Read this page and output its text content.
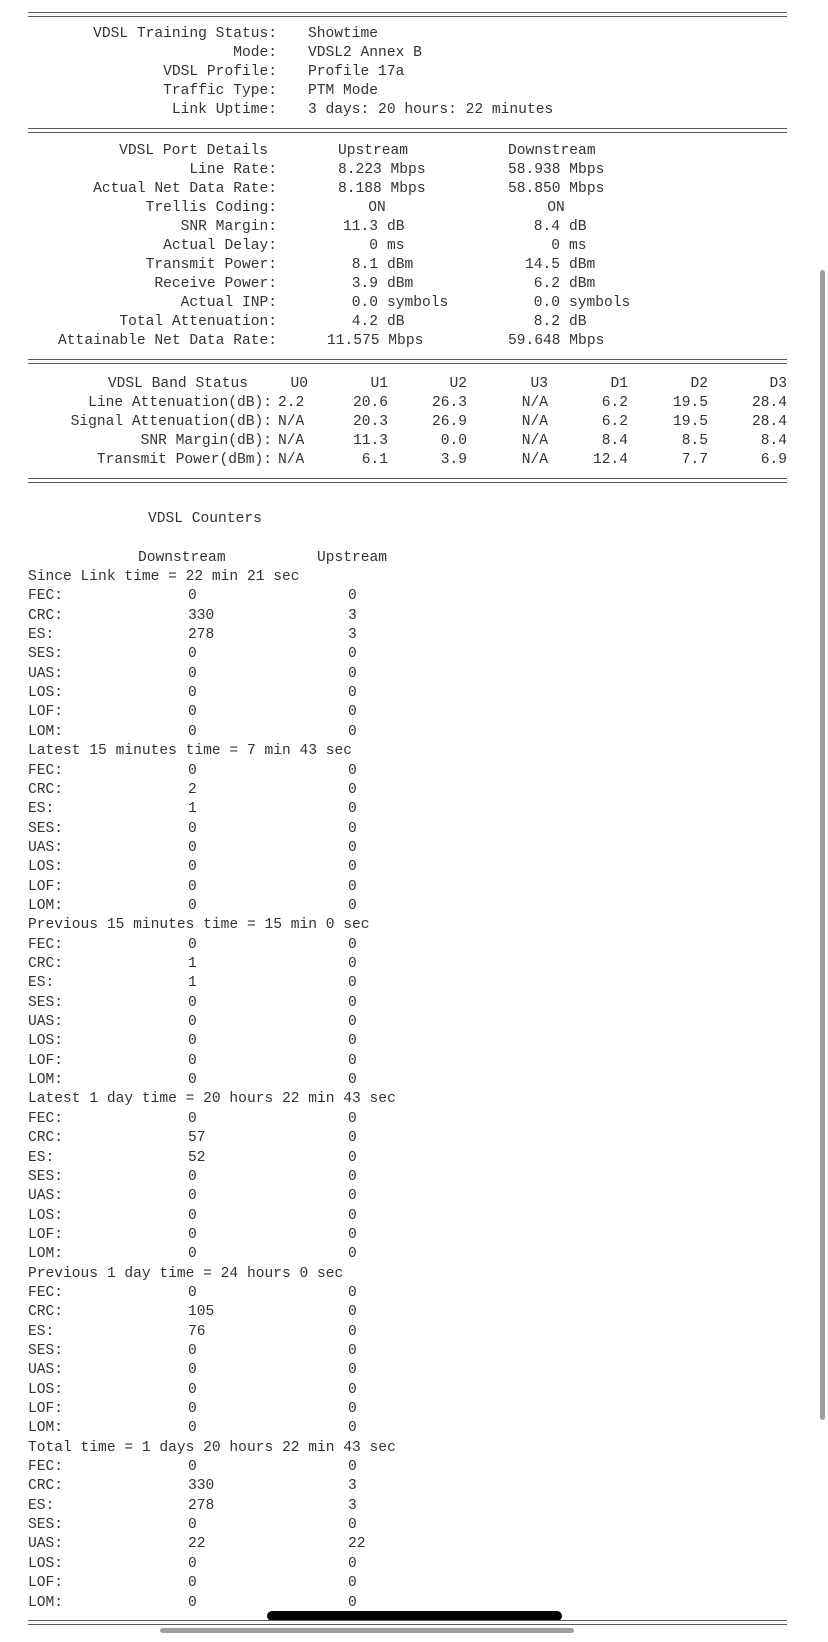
VDSL Training Status: Showtime
Mode: VDSL2 Annex B
VDSL Profile: Profile 17a
Traffic Type: PTM Mode
Link Uptime: 3 days: 20 hours: 22 minutes
VDSL Port Details	Upstream	Downstream
Line Rate:	8.223 Mbps	58.938 Mbps
Actual Net Data Rate:	8.188 Mbps	58.850 Mbps
Trellis Coding:	ON	ON
SNR Margin:	11.3 dB	8.4 dB
Actual Delay:	0 ms	0 ms
Transmit Power:	8.1 dBm	14.5 dBm
Receive Power:	3.9 dBm	6.2 dBm
Actual INP:	0.0 symbols	0.0 symbols
Total Attenuation:	4.2 dB	8.2 dB
Attainable Net Data Rate:	11.575 Mbps	59.648 Mbps
VDSL Band Status	U0	U1	U2	U3	D1	D2	D3
Line Attenuation(dB): 2.2	20.6	26.3	N/A	6.2	19.5	28.4
Signal Attenuation(dB): N/A	20.3	26.9	N/A	6.2	19.5	28.4
SNR Margin(dB): N/A	11.3	0.0	N/A	8.4	8.5	8.4
Transmit Power(dBm): N/A	6.1	3.9	N/A	12.4	7.7	6.9
VDSL Counters
Downstream	Upstream
Since Link time = 22 min 21 sec
FEC:	0	0
CRC:	330	3
ES:	278	3
SES:	0	0
UAS:	0	0
LOS:	0	0
LOF:	0	0
LOM:	0	0
Latest 15 minutes time = 7 min 43 sec
FEC:	0	0
CRC:	2	0
ES:	1	0
SES:	0	0
UAS:	0	0
LOS:	0	0
LOF:	0	0
LOM:	0	0
Previous 15 minutes time = 15 min 0 sec
FEC:	0	0
CRC:	1	0
ES:	1	0
SES:	0	0
UAS:	0	0
LOS:	0	0
LOF:	0	0
LOM:	0	0
Latest 1 day time = 20 hours 22 min 43 sec
FEC:	0	0
CRC:	57	0
ES:	52	0
SES:	0	0
UAS:	0	0
LOS:	0	0
LOF:	0	0
LOM:	0	0
Previous 1 day time = 24 hours 0 sec
FEC:	0	0
CRC:	105	0
ES:	76	0
SES:	0	0
UAS:	0	0
LOS:	0	0
LOF:	0	0
LOM:	0	0
Total time = 1 days 20 hours 22 min 43 sec
FEC:	0	0
CRC:	330	3
ES:	278	3
SES:	0	0
UAS:	22	22
LOS:	0	0
LOF:	0	0
LOM:	0	0
